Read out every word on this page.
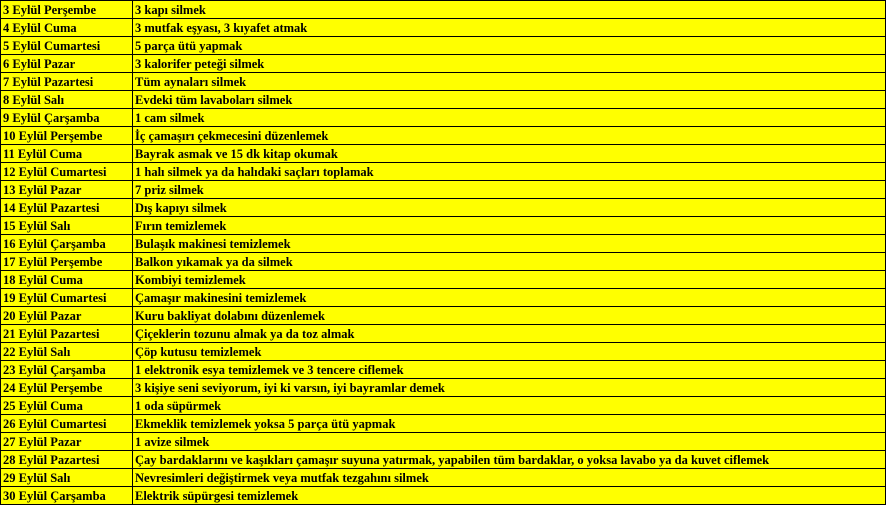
3 Eylül Perşembe	3 kapı silmek
4 Eylül Cuma	3 mutfak eşyası, 3 kıyafet atmak
5 Eylül Cumartesi	5 parça ütü yapmak
6 Eylül Pazar	3 kalorifer peteği silmek
7 Eylül Pazartesi	Tüm aynaları silmek
8 Eylül Salı	Evdeki tüm lavaboları silmek
9 Eylül Çarşamba	1 cam silmek
10 Eylül Perşembe	İç çamaşırı çekmecesini düzenlemek
11 Eylül Cuma	Bayrak asmak ve 15 dk kitap okumak
12 Eylül Cumartesi	1 halı silmek ya da halıdaki saçları toplamak
13 Eylül Pazar	7 priz silmek
14 Eylül Pazartesi	Dış kapıyı silmek
15 Eylül Salı	Fırın temizlemek
16 Eylül Çarşamba	Bulaşık makinesi temizlemek
17 Eylül Perşembe	Balkon yıkamak ya da silmek
18 Eylül Cuma	Kombiyi temizlemek
19 Eylül Cumartesi	Çamaşır makinesini temizlemek
20 Eylül Pazar	Kuru bakliyat dolabını düzenlemek
21 Eylül Pazartesi	Çiçeklerin tozunu almak ya da toz almak
22 Eylül Salı	Çöp kutusu temizlemek
23 Eylül Çarşamba	1 elektronik esya temizlemek ve 3 tencere ciflemek
24 Eylül Perşembe	3 kişiye seni seviyorum, iyi ki varsın, iyi bayramlar demek
25 Eylül Cuma	1 oda süpürmek
26 Eylül Cumartesi	Ekmeklik temizlemek yoksa 5 parça ütü yapmak
27 Eylül Pazar	1 avize silmek
28 Eylül Pazartesi	Çay bardaklarını ve kaşıkları çamaşır suyuna yatırmak, yapabilen tüm bardaklar, o yoksa lavabo ya da kuvet ciflemek
29 Eylül Salı	Nevresimleri değiştirmek veya mutfak tezgahını silmek
30 Eylül Çarşamba	Elektrik süpürgesi temizlemek
